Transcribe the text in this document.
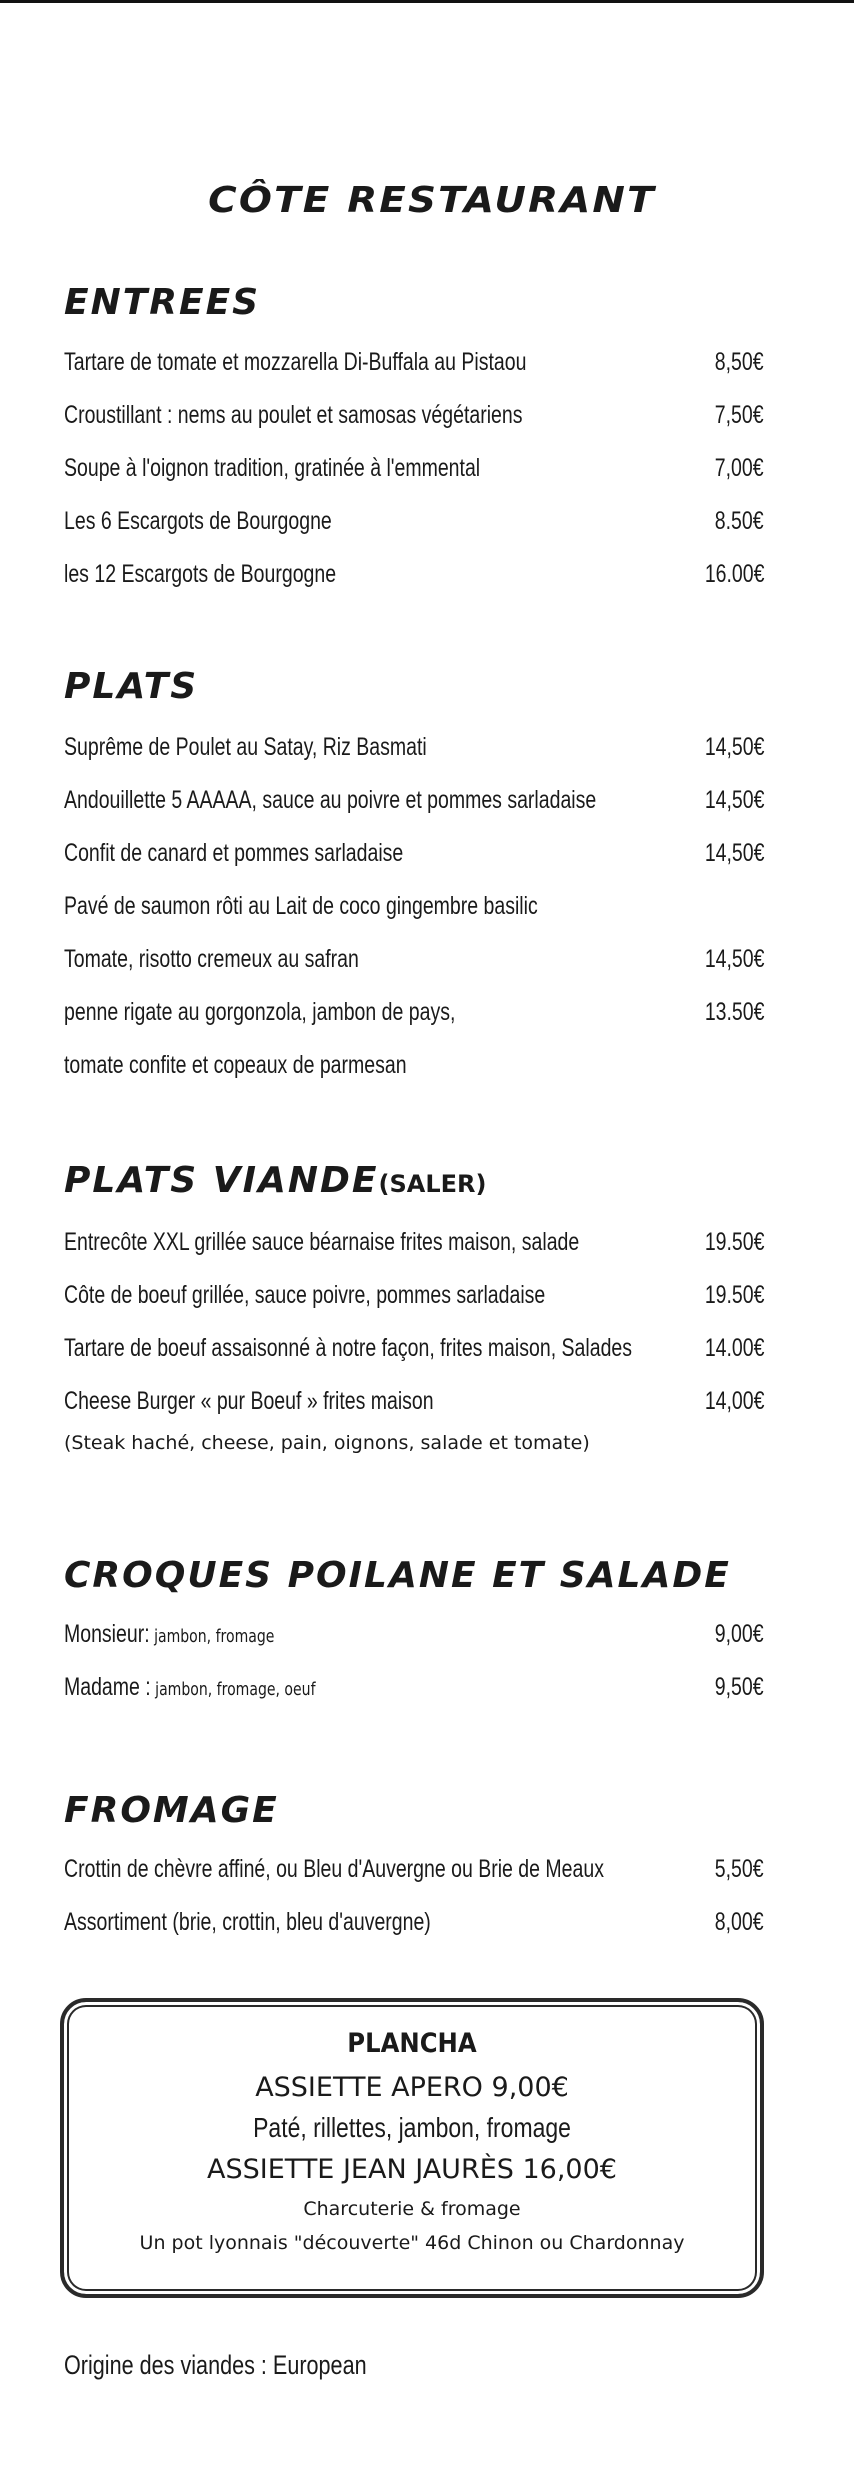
CÔTE RESTAURANT
ENTREES
Tartare de tomate et mozzarella Di-Buffala au Pistaou	8,50€
Croustillant : nems au poulet et samosas végétariens	7,50€
Soupe à l'oignon tradition, gratinée à l'emmental	7,00€
Les 6 Escargots de Bourgogne	8.50€
les 12 Escargots de Bourgogne	16.00€
PLATS
Suprême de Poulet au Satay, Riz Basmati	14,50€
Andouillette 5 AAAAA, sauce au poivre et pommes sarladaise	14,50€
Confit de canard et pommes sarladaise	14,50€
Pavé de saumon rôti au Lait de coco gingembre basilic
Tomate, risotto cremeux au safran	14,50€
penne rigate au gorgonzola, jambon de pays,	13.50€
tomate confite et copeaux de parmesan
PLATS VIANDE(SALER)
Entrecôte XXL grillée sauce béarnaise frites maison, salade	19.50€
Côte de boeuf grillée, sauce poivre, pommes sarladaise	19.50€
Tartare de boeuf assaisonné à notre façon, frites maison, Salades	14.00€
Cheese Burger « pur Boeuf » frites maison	14,00€
(Steak haché, cheese, pain, oignons, salade et tomate)
CROQUES POILANE ET SALADE
Monsieur: jambon, fromage	9,00€
Madame : jambon, fromage, oeuf	9,50€
FROMAGE
Crottin de chèvre affiné, ou Bleu d'Auvergne ou Brie de Meaux	5,50€
Assortiment (brie, crottin, bleu d'auvergne)	8,00€
PLANCHA
ASSIETTE APERO 9,00€
Paté, rillettes, jambon, fromage
ASSIETTE JEAN JAURÈS 16,00€
Charcuterie & fromage
Un pot lyonnais "découverte" 46d Chinon ou Chardonnay
Origine des viandes : European
